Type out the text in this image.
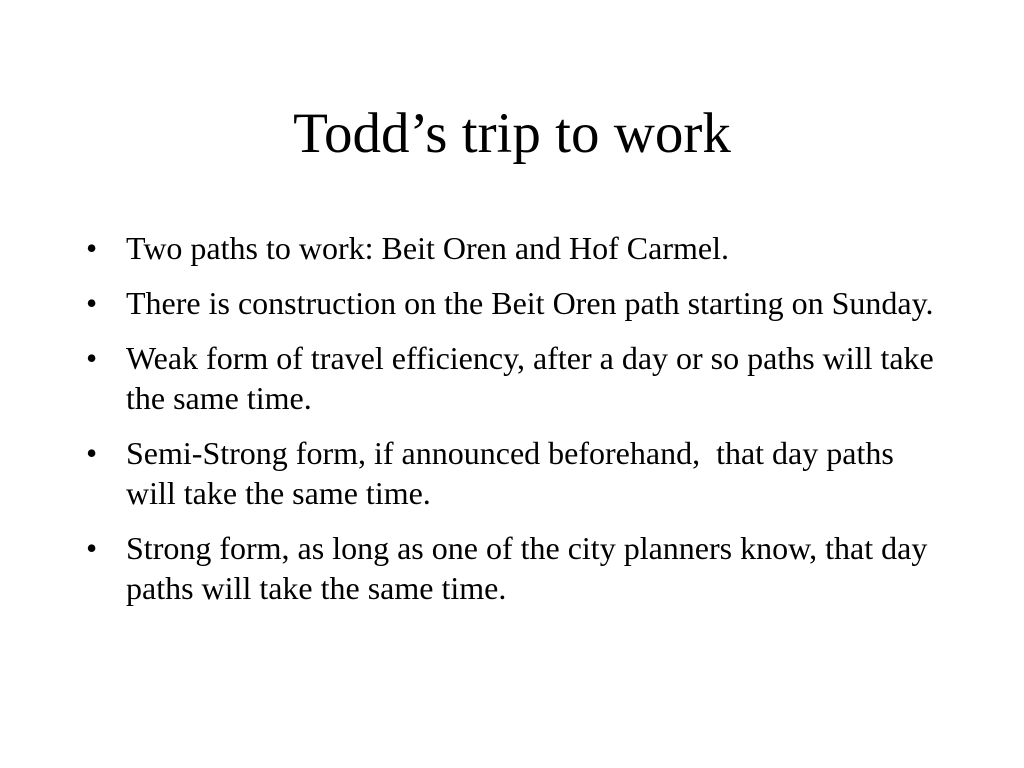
Todd’s trip to work
• Two paths to work: Beit Oren and Hof Carmel.
• There is construction on the Beit Oren path starting on Sunday.
• Weak form of travel efficiency, after a day or so paths will take the same time.
• Semi-Strong form, if announced beforehand,  that day paths will take the same time.
• Strong form, as long as one of the city planners know, that day paths will take the same time.
